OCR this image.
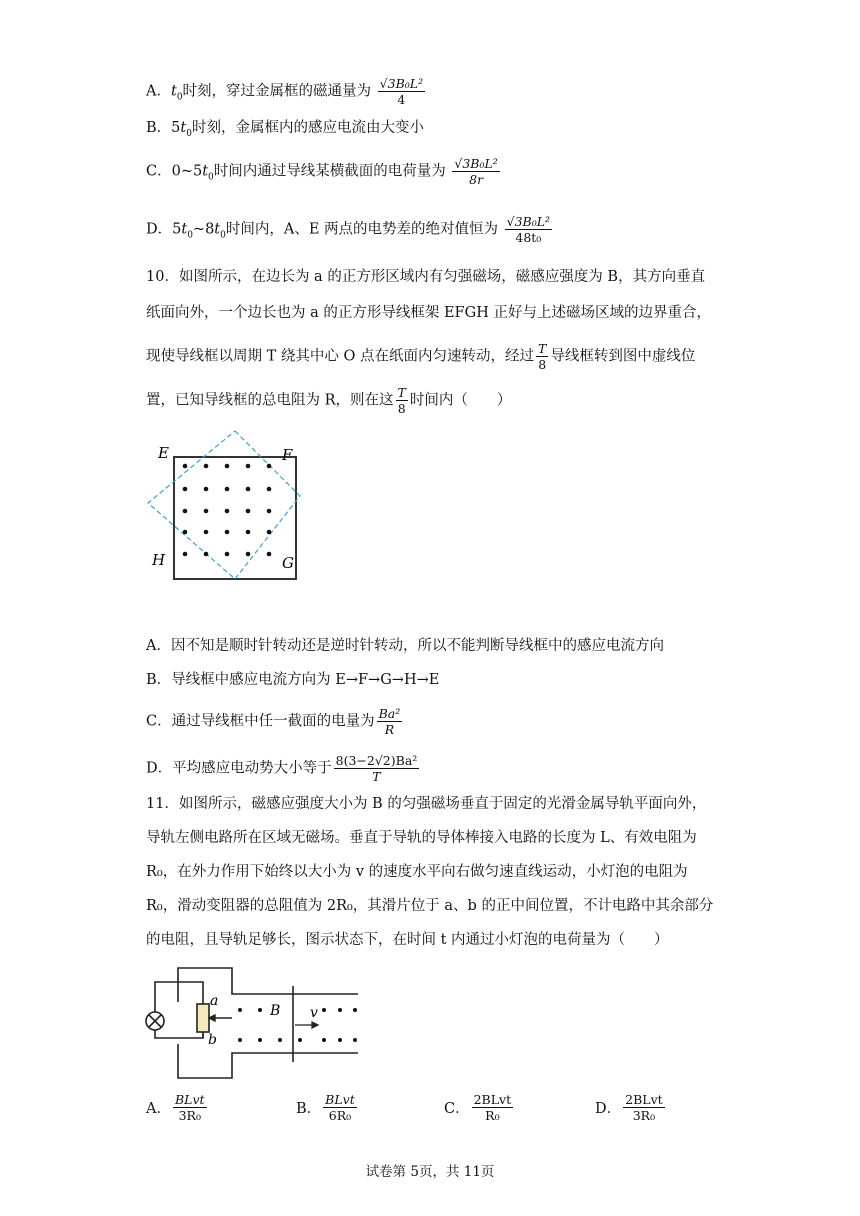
A．$t_0$时刻，穿过金属框的磁通量为 $\frac{\text{√3B₀L²}}{4}$
B．$5t_0$时刻，金属框内的感应电流由大变小
C．$0\sim 5t_0$时间内通过导线某横截面的电荷量为 $\frac{\text{√3B₀L²}}{8r}$
D．$5t_0\sim 8t_0$时间内，A、E 两点的电势差的绝对值恒为 $\frac{\text{√3B₀L²}}{\text{48t₀}}$
10．如图所示，在边长为 a 的正方形区域内有匀强磁场，磁感应强度为 B，其方向垂直
纸面向外，一个边长也为 a 的正方形导线框架 EFGH 正好与上述磁场区域的边界重合，
现使导线框以周期 T 绕其中心 O 点在纸面内匀速转动，经过 $\frac{T}{8}$ 导线框转到图中虚线位
置，已知导线框的总电阻为 R，则在这 $\frac{T}{8}$ 时间内（　　）
E	F
G
H
A．因不知是顺时针转动还是逆时针转动，所以不能判断导线框中的感应电流方向
B．导线框中感应电流方向为 E→F→G→H→E
C．通过导线框中任一截面的电量为 $\frac{\text{Ba²}}{R}$
D．平均感应电动势大小等于 $\frac{\text{8(3−2√2)Ba²}}{T}$
11．如图所示，磁感应强度大小为 B 的匀强磁场垂直于固定的光滑金属导轨平面向外，
导轨左侧电路所在区域无磁场。垂直于导轨的导体棒接入电路的长度为 L、有效电阻为
R₀，在外力作用下始终以大小为 v 的速度水平向右做匀速直线运动，小灯泡的电阻为
R₀，滑动变阻器的总阻值为 2R₀，其滑片位于 a、b 的正中间位置，不计电路中其余部分
的电阻，且导轨足够长，图示状态下，在时间 t 内通过小灯泡的电荷量为（　　）
a
b
B v
A． $\frac{\text{BLvt}}{\text{3R₀}}$	B． $\frac{\text{BLvt}}{\text{6R₀}}$	C． $\frac{\text{2BLvt}}{\text{R₀}}$	D． $\frac{\text{2BLvt}}{\text{3R₀}}$
试卷第 5页，共 11页
